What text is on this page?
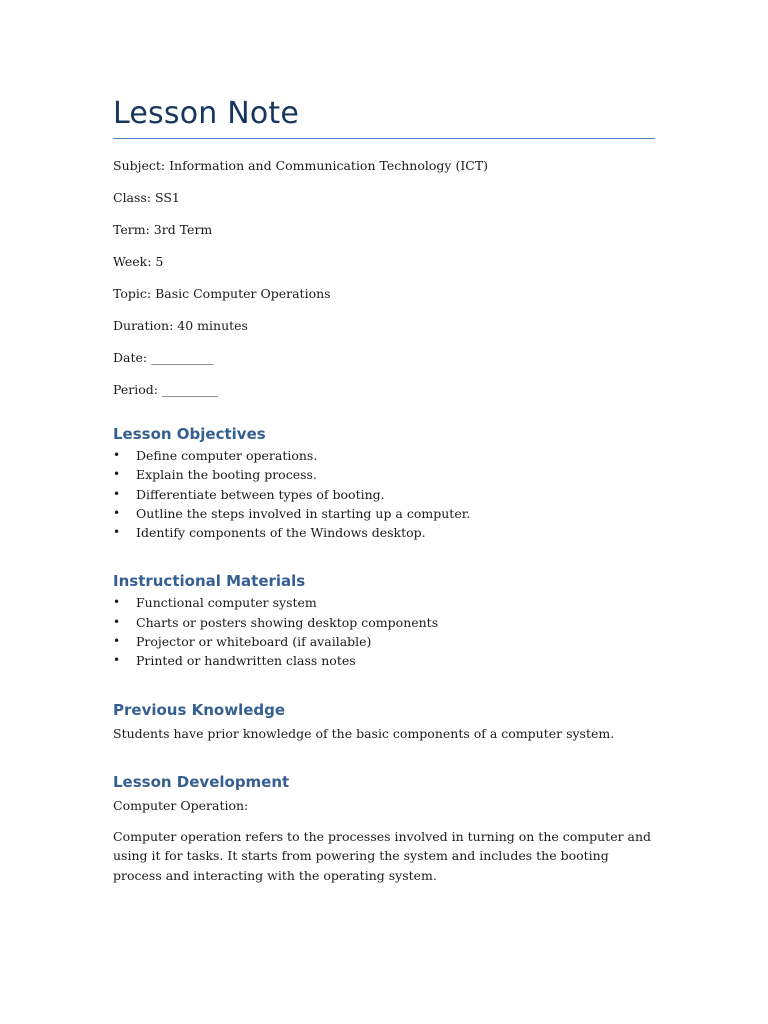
Lesson Note

Subject: Information and Communication Technology (ICT)

Class: SS1

Term: 3rd Term

Week: 5

Topic: Basic Computer Operations

Duration: 40 minutes

Date: __________

Period: _________

Lesson Objectives
• Define computer operations.
• Explain the booting process.
• Differentiate between types of booting.
• Outline the steps involved in starting up a computer.
• Identify components of the Windows desktop.
Instructional Materials
• Functional computer system
• Charts or posters showing desktop components
• Projector or whiteboard (if available)
• Printed or handwritten class notes
Previous Knowledge

Students have prior knowledge of the basic components of a computer system.

Lesson Development

Computer Operation:

Computer operation refers to the processes involved in turning on the computer and using it for tasks. It starts from powering the system and includes the booting process and interacting with the operating system.
